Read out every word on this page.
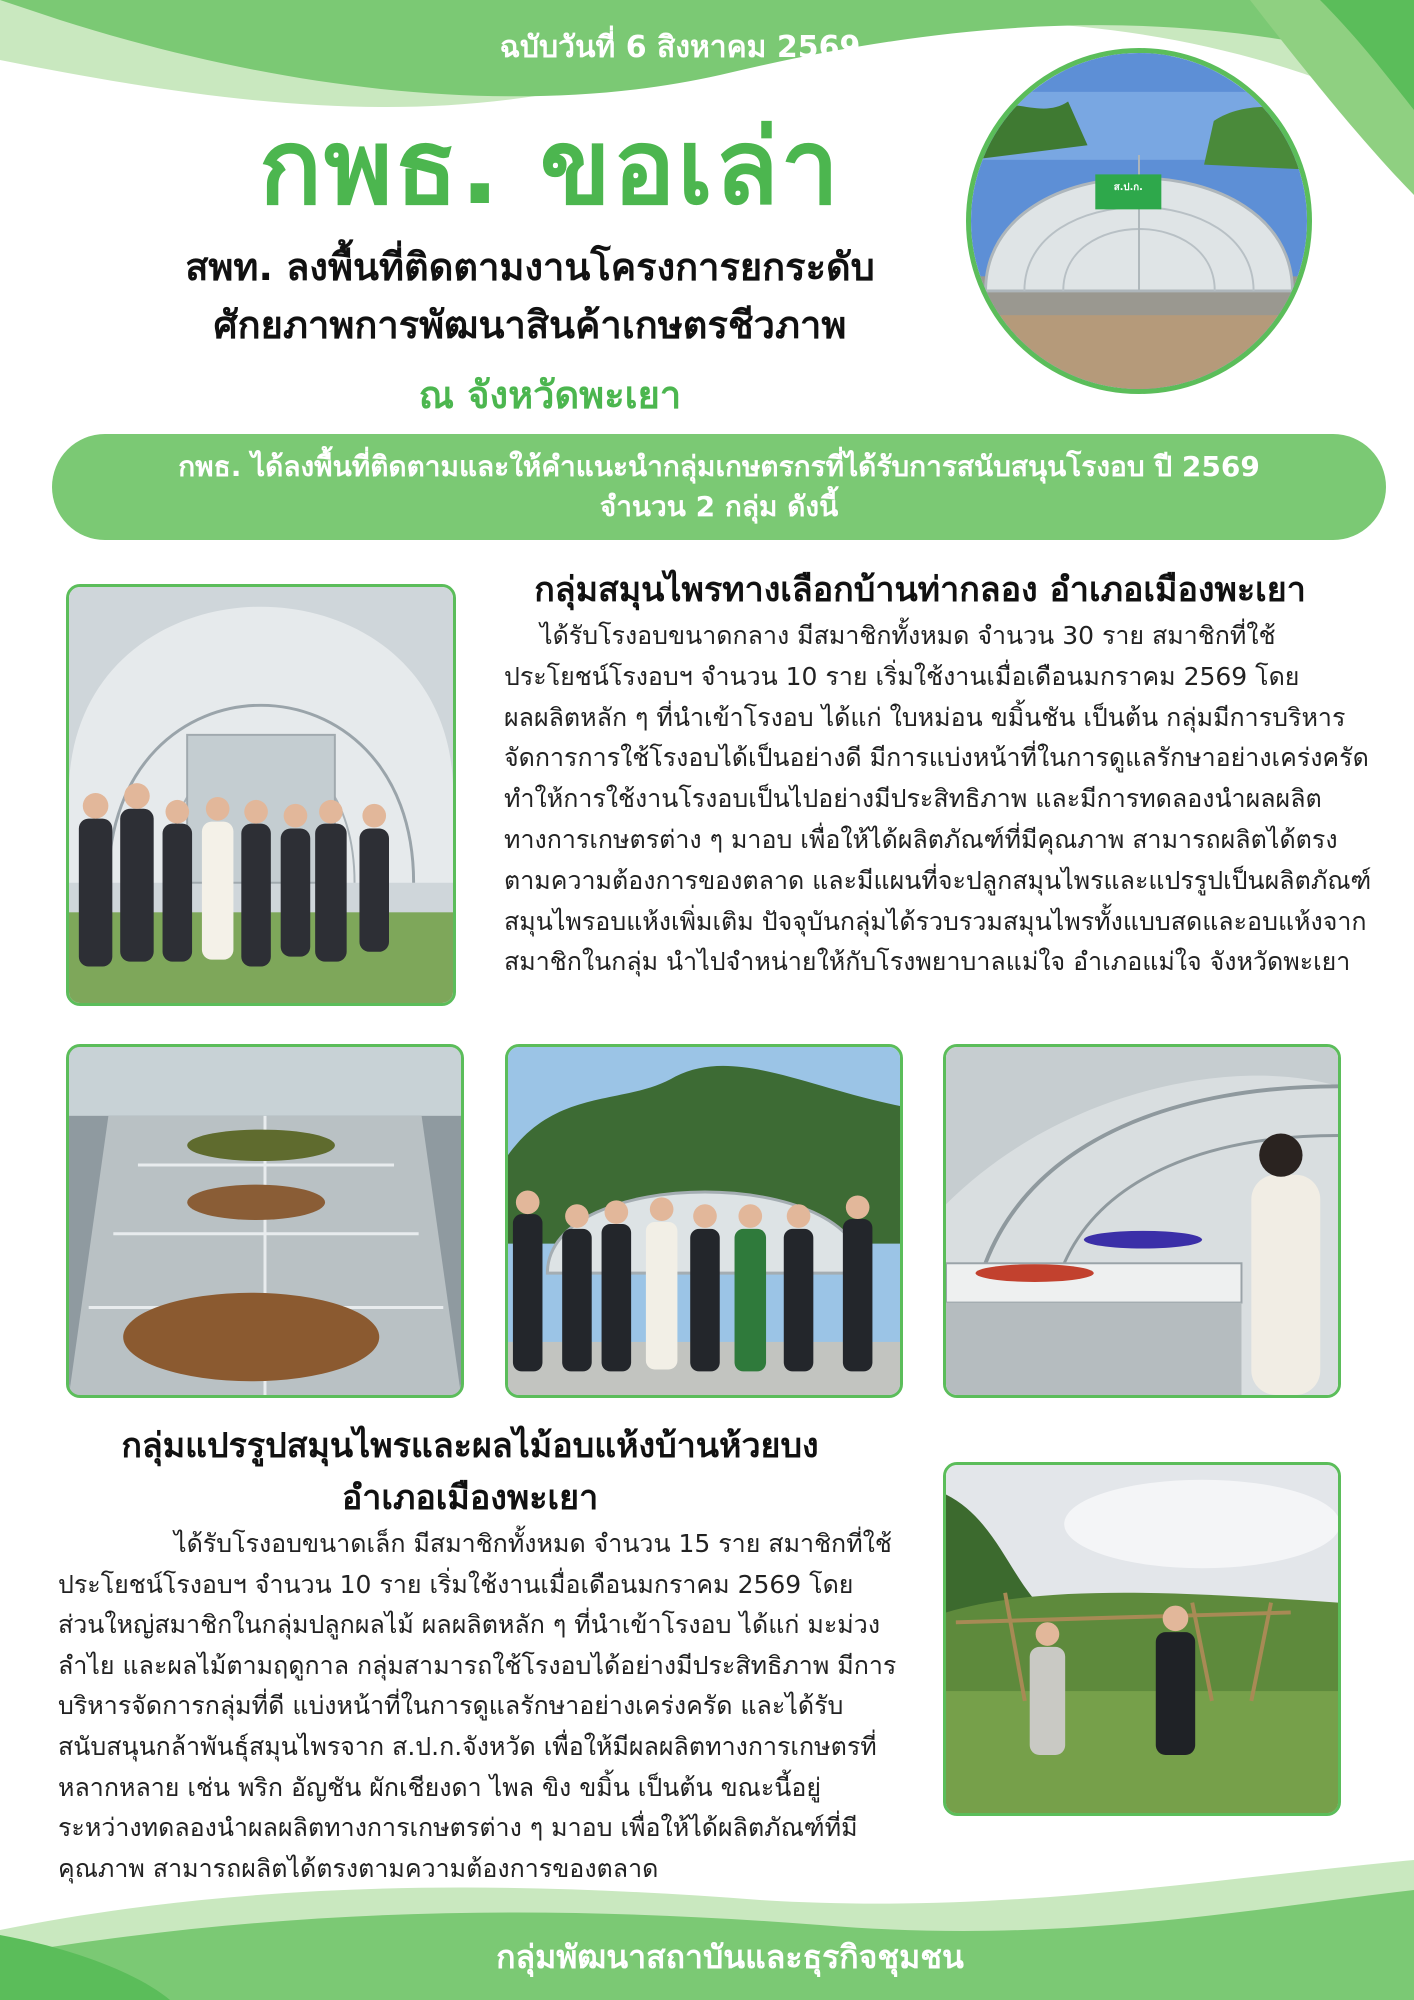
ฉบับวันที่ 6 สิงหาคม 2569
กพธ. ขอเล่า
สพท. ลงพื้นที่ติดตามงานโครงการยกระดับ
ศักยภาพการพัฒนาสินค้าเกษตรชีวภาพ
ณ จังหวัดพะเยา
ส.ป.ก.
กพธ. ได้ลงพื้นที่ติดตามและให้คำแนะนำกลุ่มเกษตรกรที่ได้รับการสนับสนุนโรงอบ ปี 2569
จำนวน 2 กลุ่ม ดังนี้
กลุ่มสมุนไพรทางเลือกบ้านท่ากลอง อำเภอเมืองพะเยา
ได้รับโรงอบขนาดกลาง มีสมาชิกทั้งหมด จำนวน 30 ราย สมาชิกที่ใช้ประโยชน์โรงอบฯ จำนวน 10 ราย เริ่มใช้งานเมื่อเดือนมกราคม 2569 โดยผลผลิตหลัก ๆ ที่นำเข้าโรงอบ ได้แก่ ใบหม่อน ขมิ้นชัน เป็นต้น กลุ่มมีการบริหารจัดการการใช้โรงอบได้เป็นอย่างดี มีการแบ่งหน้าที่ในการดูแลรักษาอย่างเคร่งครัด ทำให้การใช้งานโรงอบเป็นไปอย่างมีประสิทธิภาพ และมีการทดลองนำผลผลิตทางการเกษตรต่าง ๆ มาอบ เพื่อให้ได้ผลิตภัณฑ์ที่มีคุณภาพ สามารถผลิตได้ตรงตามความต้องการของตลาด และมีแผนที่จะปลูกสมุนไพรและแปรรูปเป็นผลิตภัณฑ์สมุนไพรอบแห้งเพิ่มเติม ปัจจุบันกลุ่มได้รวบรวมสมุนไพรทั้งแบบสดและอบแห้งจากสมาชิกในกลุ่ม นำไปจำหน่ายให้กับโรงพยาบาลแม่ใจ อำเภอแม่ใจ จังหวัดพะเยา
กลุ่มแปรรูปสมุนไพรและผลไม้อบแห้งบ้านห้วยบง
อำเภอเมืองพะเยา
ได้รับโรงอบขนาดเล็ก มีสมาชิกทั้งหมด จำนวน 15 ราย สมาชิกที่ใช้ประโยชน์โรงอบฯ จำนวน 10 ราย เริ่มใช้งานเมื่อเดือนมกราคม 2569 โดยส่วนใหญ่สมาชิกในกลุ่มปลูกผลไม้ ผลผลิตหลัก ๆ ที่นำเข้าโรงอบ ได้แก่ มะม่วง ลำไย และผลไม้ตามฤดูกาล กลุ่มสามารถใช้โรงอบได้อย่างมีประสิทธิภาพ มีการบริหารจัดการกลุ่มที่ดี แบ่งหน้าที่ในการดูแลรักษาอย่างเคร่งครัด และได้รับสนับสนุนกล้าพันธุ์สมุนไพรจาก ส.ป.ก.จังหวัด เพื่อให้มีผลผลิตทางการเกษตรที่หลากหลาย เช่น พริก อัญชัน ผักเชียงดา ไพล ขิง ขมิ้น เป็นต้น ขณะนี้อยู่ระหว่างทดลองนำผลผลิตทางการเกษตรต่าง ๆ มาอบ เพื่อให้ได้ผลิตภัณฑ์ที่มีคุณภาพ สามารถผลิตได้ตรงตามความต้องการของตลาด
กลุ่มพัฒนาสถาบันและธุรกิจชุมชน
